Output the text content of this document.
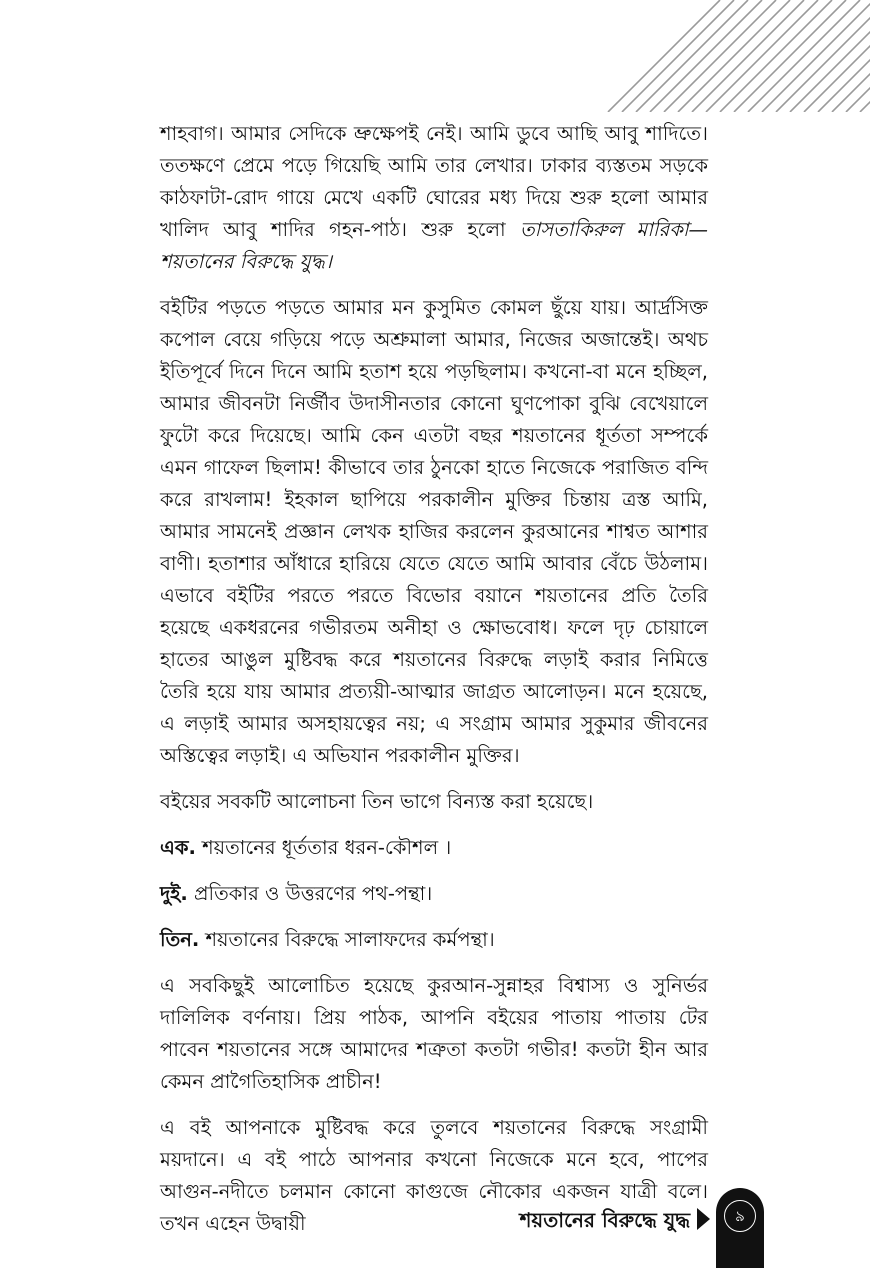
শাহবাগ। আমার সেদিকে ভ্রুক্ষেপই নেই। আমি ডুবে আছি আবু শাদিতে। ততক্ষণে প্রেমে পড়ে গিয়েছি আমি তার লেখার। ঢাকার ব্যস্ততম সড়কে কাঠফাটা-রোদ গায়ে মেখে একটি ঘোরের মধ্য দিয়ে শুরু হলো আমার খালিদ আবু শাদির গহন-পাঠ। শুরু হলো তাসতাকিরুল মারিকা—শয়তানের বিরুদ্ধে যুদ্ধ।

বইটির পড়তে পড়তে আমার মন কুসুমিত কোমল ছুঁয়ে যায়। আর্দ্রসিক্ত কপোল বেয়ে গড়িয়ে পড়ে অশ্রুমালা আমার, নিজের অজান্তেই। অথচ ইতিপূর্বে দিনে দিনে আমি হতাশ হয়ে পড়ছিলাম। কখনো-বা মনে হচ্ছিল, আমার জীবনটা নির্জীব উদাসীনতার কোনো ঘুণপোকা বুঝি বেখেয়ালে ফুটো করে দিয়েছে। আমি কেন এতটা বছর শয়তানের ধূর্ততা সম্পর্কে এমন গাফেল ছিলাম! কীভাবে তার ঠুনকো হাতে নিজেকে পরাজিত বন্দি করে রাখলাম! ইহকাল ছাপিয়ে পরকালীন মুক্তির চিন্তায় ত্রস্ত আমি, আমার সামনেই প্রজ্ঞান লেখক হাজির করলেন কুরআনের শাশ্বত আশার বাণী। হতাশার আঁধারে হারিয়ে যেতে যেতে আমি আবার বেঁচে উঠলাম। এভাবে বইটির পরতে পরতে বিভোর বয়ানে শয়তানের প্রতি তৈরি হয়েছে একধরনের গভীরতম অনীহা ও ক্ষোভবোধ। ফলে দৃঢ় চোয়ালে হাতের আঙুল মুষ্টিবদ্ধ করে শয়তানের বিরুদ্ধে লড়াই করার নিমিত্তে তৈরি হয়ে যায় আমার প্রত্যয়ী-আত্মার জাগ্রত আলোড়ন। মনে হয়েছে, এ লড়াই আমার অসহায়ত্বের নয়; এ সংগ্রাম আমার সুকুমার জীবনের অস্তিত্বের লড়াই। এ অভিযান পরকালীন মুক্তির।

বইয়ের সবকটি আলোচনা তিন ভাগে বিন্যস্ত করা হয়েছে।

এক. শয়তানের ধূর্ততার ধরন-কৌশল ।
দুই. প্রতিকার ও উত্তরণের পথ-পন্থা।
তিন. শয়তানের বিরুদ্ধে সালাফদের কর্মপন্থা।

এ সবকিছুই আলোচিত হয়েছে কুরআন-সুন্নাহর বিশ্বাস্য ও সুনির্ভর দালিলিক বর্ণনায়। প্রিয় পাঠক, আপনি বইয়ের পাতায় পাতায় টের পাবেন শয়তানের সঙ্গে আমাদের শত্রুতা কতটা গভীর! কতটা হীন আর কেমন প্রাগৈতিহাসিক প্রাচীন!

এ বই আপনাকে মুষ্টিবদ্ধ করে তুলবে শয়তানের বিরুদ্ধে সংগ্রামী ময়দানে। এ বই পাঠে আপনার কখনো নিজেকে মনে হবে, পাপের আগুন-নদীতে চলমান কোনো কাগুজে নৌকোর একজন যাত্রী বলে। তখন এহেন উদ্বায়ী	শয়তানের বিরুদ্ধে যুদ্ধ	৯
